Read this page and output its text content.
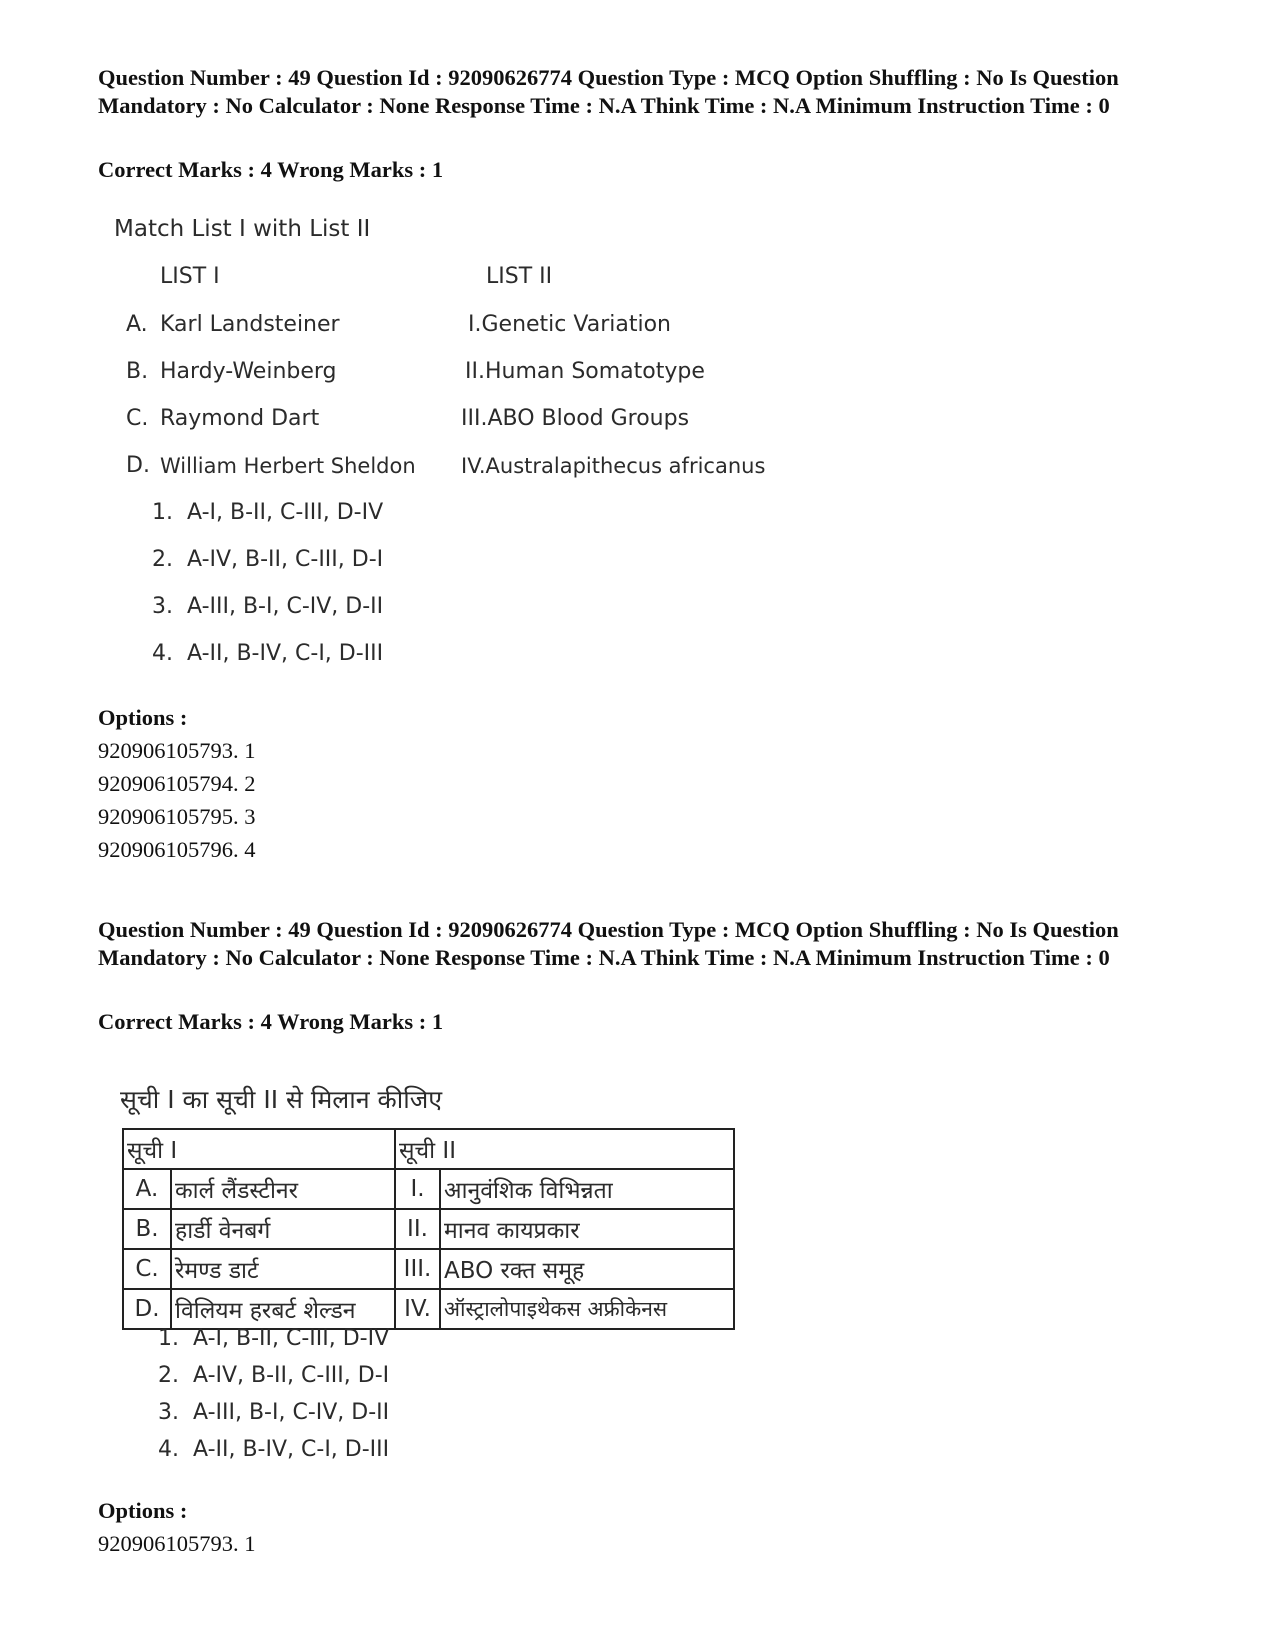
Question Number : 49 Question Id : 92090626774 Question Type : MCQ Option Shuffling : No Is Question Mandatory : No Calculator : None Response Time : N.A Think Time : N.A Minimum Instruction Time : 0

Correct Marks : 4 Wrong Marks : 1

Match List I with List II
LIST I	LIST II
A. Karl Landsteiner	I.Genetic Variation
B. Hardy-Weinberg	II.Human Somatotype
C. Raymond Dart	III.ABO Blood Groups
D. William Herbert Sheldon IV.Australapithecus africanus
1. A-I, B-II, C-III, D-IV
2. A-IV, B-II, C-III, D-I
3. A-III, B-I, C-IV, D-II
4. A-II, B-IV, C-I, D-III
Options :
920906105793. 1
920906105794. 2
920906105795. 3
920906105796. 4

Question Number : 49 Question Id : 92090626774 Question Type : MCQ Option Shuffling : No Is Question Mandatory : No Calculator : None Response Time : N.A Think Time : N.A Minimum Instruction Time : 0

Correct Marks : 4 Wrong Marks : 1

सूची I का सूची II से मिलान कीजिए
सूची I		सूची II	
A.	कार्ल लैंडस्टीनर	I.	आनुवंशिक विभिन्नता
B.	हार्डी वेनबर्ग	II.	मानव कायप्रकार
C.	रेमण्ड डार्ट	III.	ABO रक्त समूह
D.	विलियम हरबर्ट शेल्डन	IV.	ऑस्ट्रालोपाइथेकस अफ्रीकेनस
1. A-I, B-II, C-III, D-IV
2. A-IV, B-II, C-III, D-I
3. A-III, B-I, C-IV, D-II
4. A-II, B-IV, C-I, D-III
Options :
920906105793. 1
